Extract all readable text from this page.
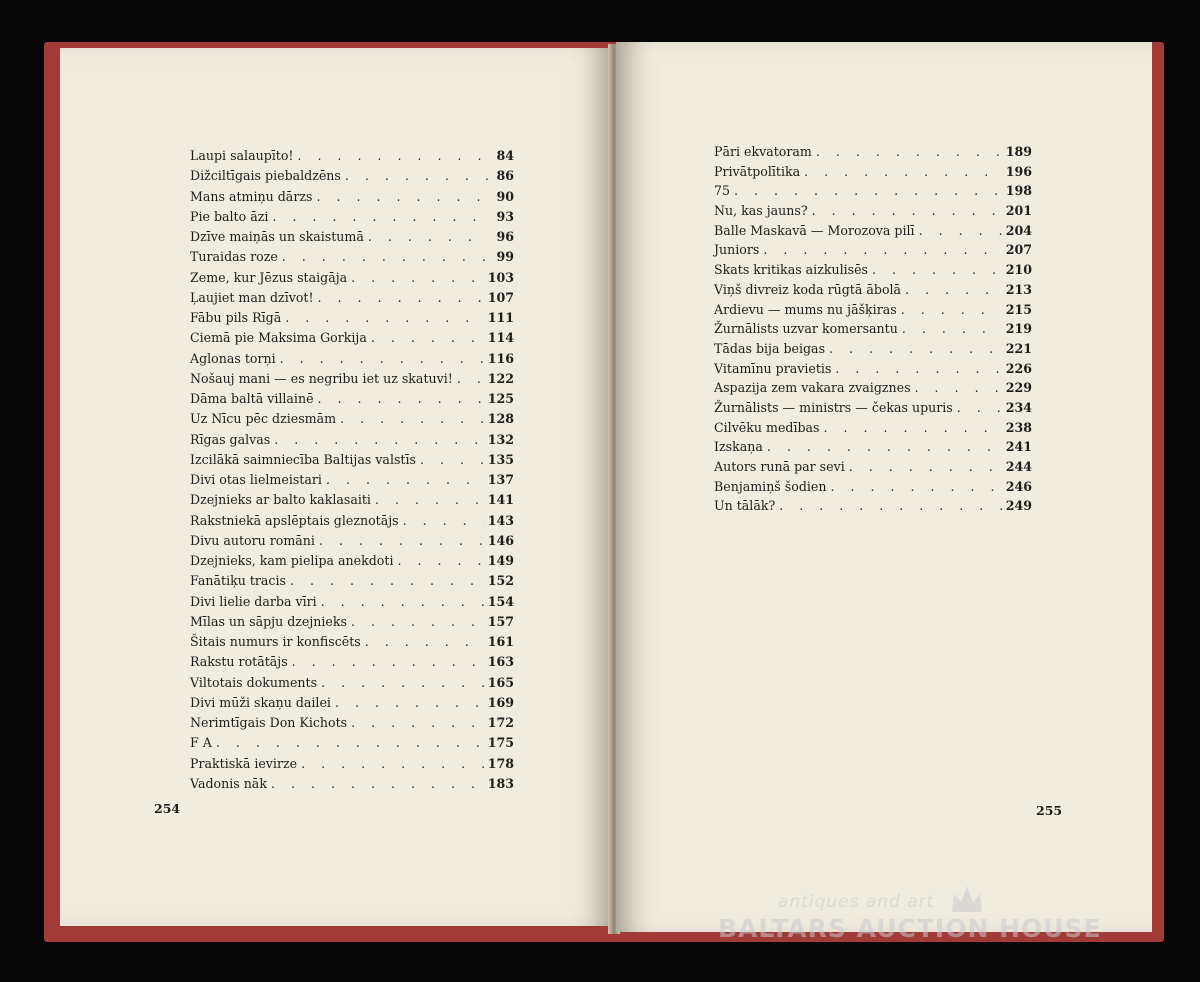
Laupi salaupīto! . . .	84
Dižciltīgais piebaldzēns . . .	86
Mans atmiņu dārzs . . .	90
Pie balto āzi . . .	93
Dzīve maiņās un skaistumā . . .	96
Turaidas roze . . .	99
Zeme, kur Jēzus staigāja . . .	103
Ļaujiet man dzīvot! . . .	107
Fābu pils Rīgā . . .	111
Ciemā pie Maksima Gorkija . . .	114
Aglonas torņi . . .	116
Nošauj mani — es negribu iet uz skatuvi! . . .	122
Dāma baltā villainē . . .	125
Uz Nīcu pēc dziesmām . . .	128
Rīgas galvas . . .	132
Izcilākā saimniecība Baltijas valstīs . . .	135
Divi otas lielmeistari . . .	137
Dzejnieks ar balto kaklasaiti . . .	141
Rakstniekā apslēptais gleznotājs . . .	143
Divu autoru romāni . . .	146
Dzejnieks, kam pielipa anekdoti . . .	149
Fanātiķu tracis . . .	152
Divi lielie darba vīri . . .	154
Mīlas un sāpju dzejnieks . . .	157
Šitais numurs ir konfiscēts . . .	161
Rakstu rotātājs . . .	163
Viltotais dokuments . . .	165
Divi mūži skaņu dailei . . .	169
Nerimtīgais Don Kichots . . .	172
F A . . .	175
Praktiskā ievirze . . .	178
Vadonis nāk . . .	183
254
Pāri ekvatoram . . .	189
Privātpolītika . . .	196
75 . . .	198
Nu, kas jauns? . . .	201
Balle Maskavā — Morozova pilī . . .	204
Juniors . . .	207
Skats kritikas aizkulisēs . . .	210
Viņš divreiz koda rūgtā ābolā . . .	213
Ardievu — mums nu jāšķiras . . .	215
Žurnālists uzvar komersantu . . .	219
Tādas bija beigas . . .	221
Vitamīnu pravietis . . .	226
Aspazija zem vakara zvaigznes . . .	229
Žurnālists — ministrs — čekas upuris . . .	234
Cilvēku medības . . .	238
Izskaņa . . .	241
Autors runā par sevi . . .	244
Benjamiņš šodien . . .	246
Un tālāk? . . .	249
255
antiques and art
BALTARS AUCTION HOUSE
